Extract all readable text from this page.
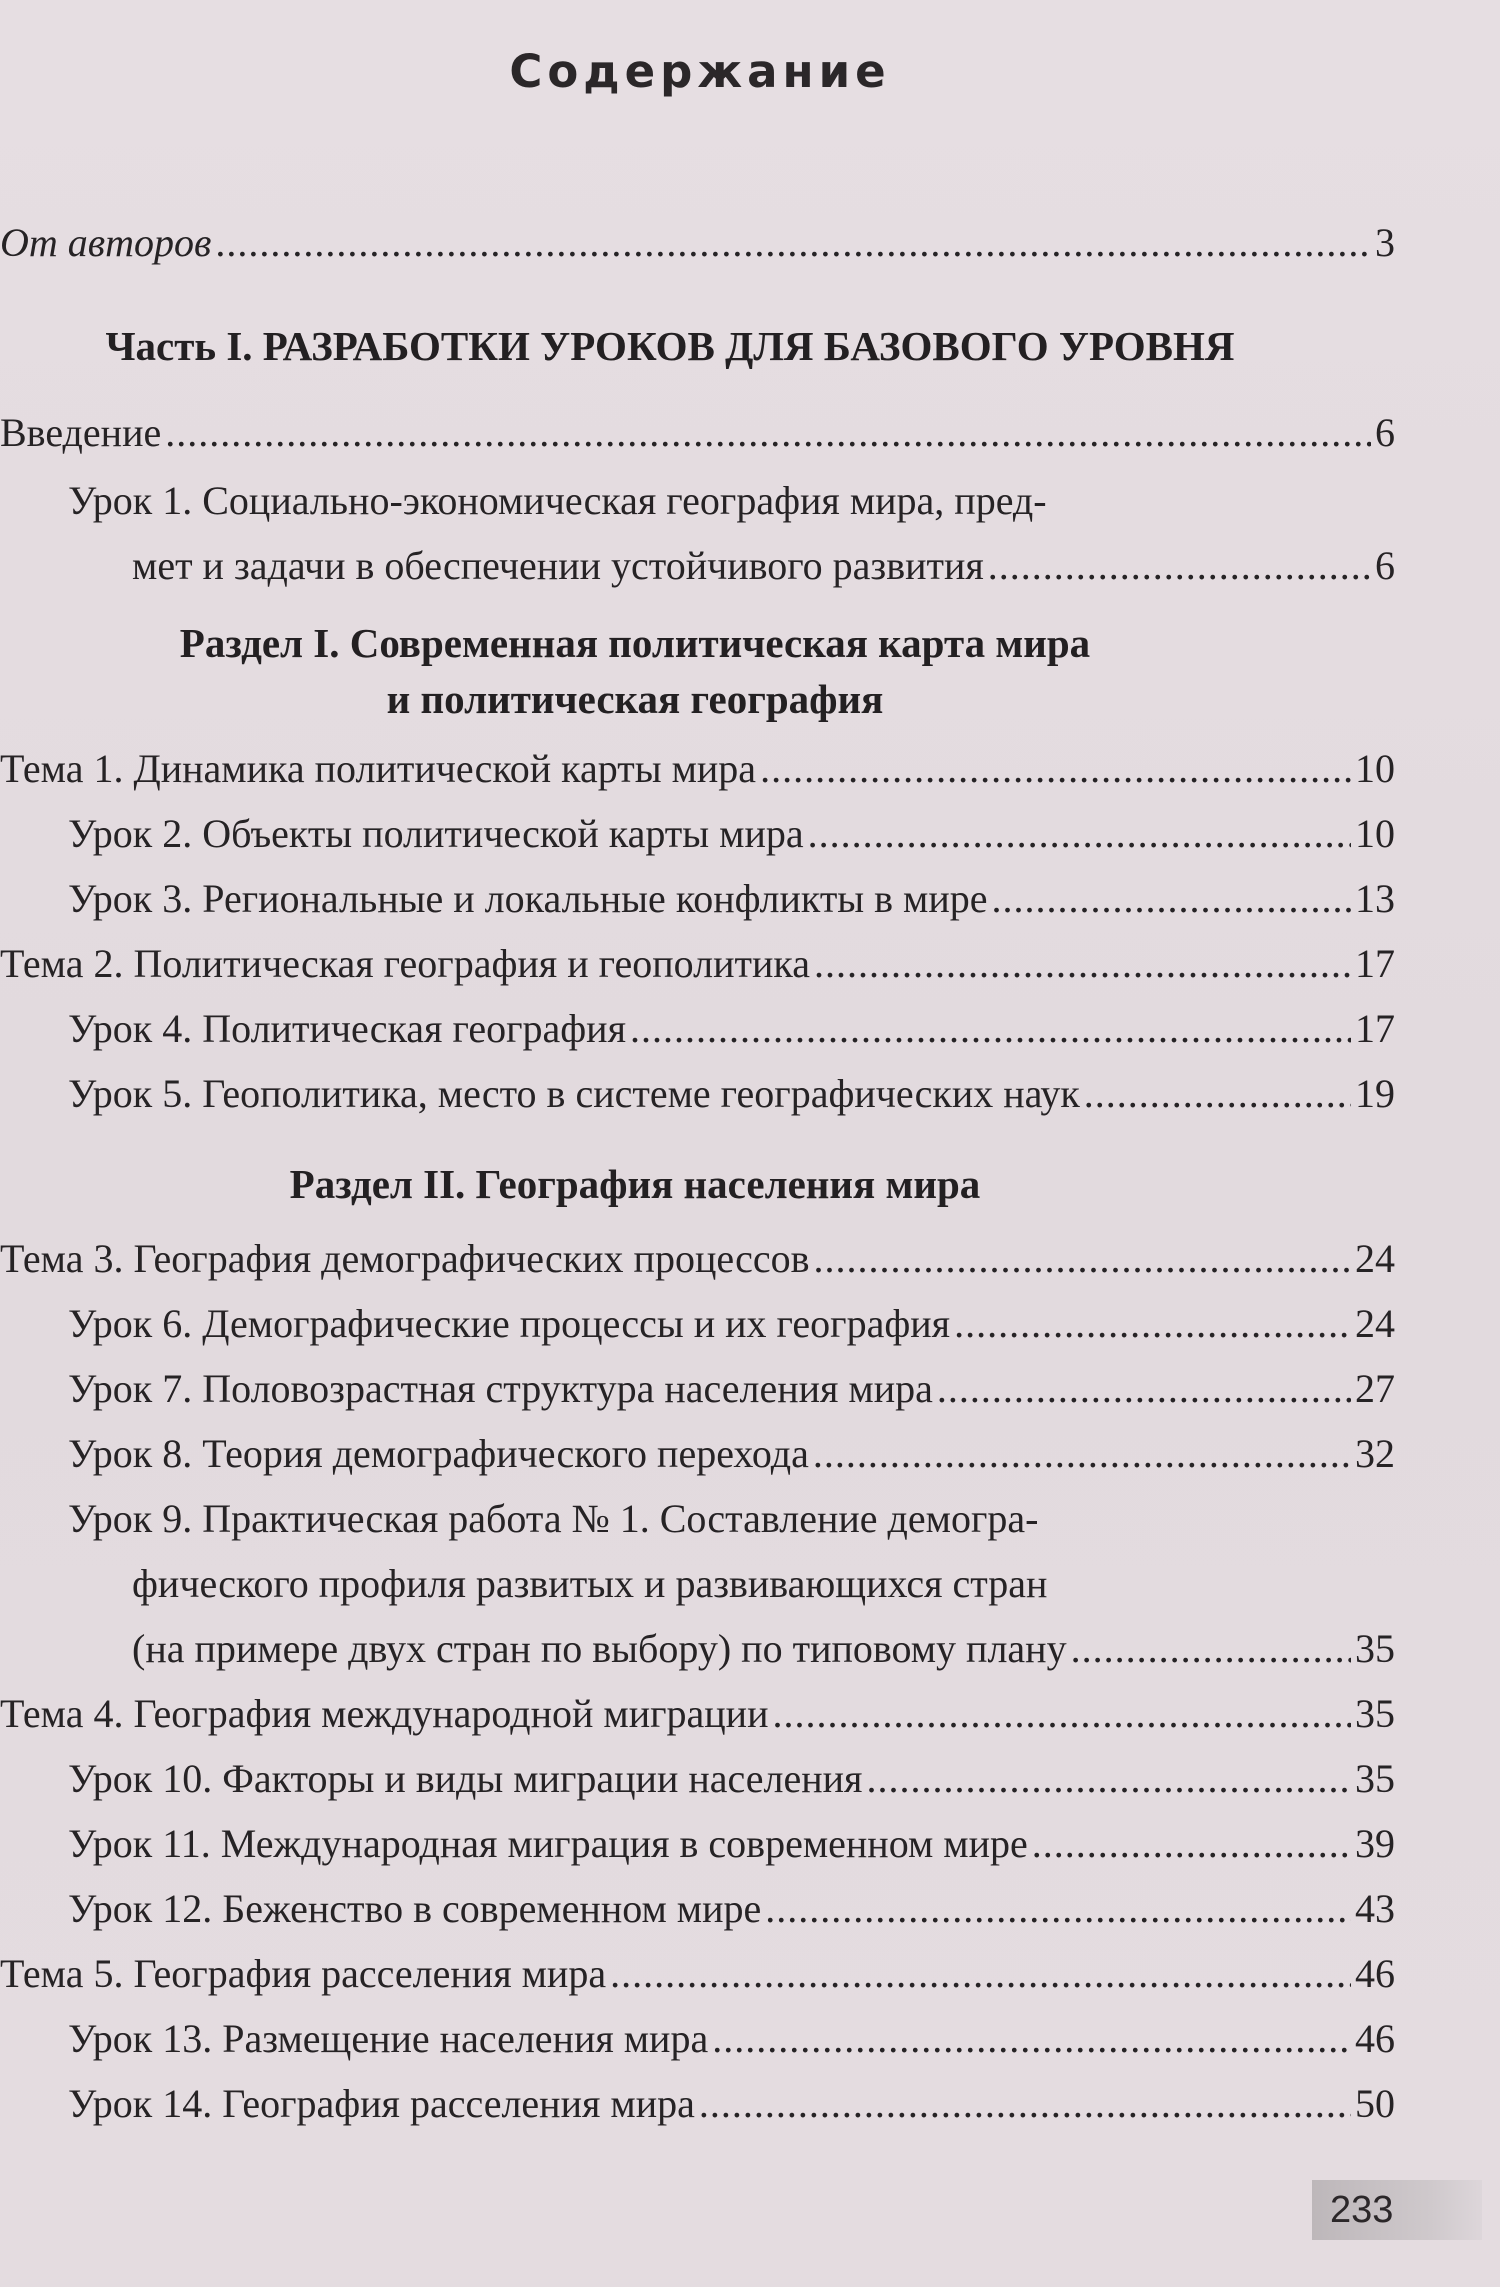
Содержание
От авторов .....	3
Часть I. РАЗРАБОТКИ УРОКОВ ДЛЯ БАЗОВОГО УРОВНЯ
Введение .....	6
Урок 1. Социально-экономическая география мира, пред-
мет и задачи в обеспечении устойчивого развития .....	6
Раздел I. Современная политическая карта мира
и политическая география
Тема 1. Динамика политической карты мира .....	10
Урок 2. Объекты политической карты мира .....	10
Урок 3. Региональные и локальные конфликты в мире .....	13
Тема 2. Политическая география и геополитика .....	17
Урок 4. Политическая география .....	17
Урок 5. Геополитика, место в системе географических наук .....	19
Раздел II. География населения мира
Тема 3. География демографических процессов .....	24
Урок 6. Демографические процессы и их география .....	24
Урок 7. Половозрастная структура населения мира .....	27
Урок 8. Теория демографического перехода .....	32
Урок 9. Практическая работа № 1. Составление демогра-
фического профиля развитых и развивающихся стран
(на примере двух стран по выбору) по типовому плану .....	35
Тема 4. География международной миграции .....	35
Урок 10. Факторы и виды миграции населения .....	35
Урок 11. Международная миграция в современном мире .....	39
Урок 12. Беженство в современном мире .....	43
Тема 5. География расселения мира .....	46
Урок 13. Размещение населения мира .....	46
Урок 14. География расселения мира .....	50
233
